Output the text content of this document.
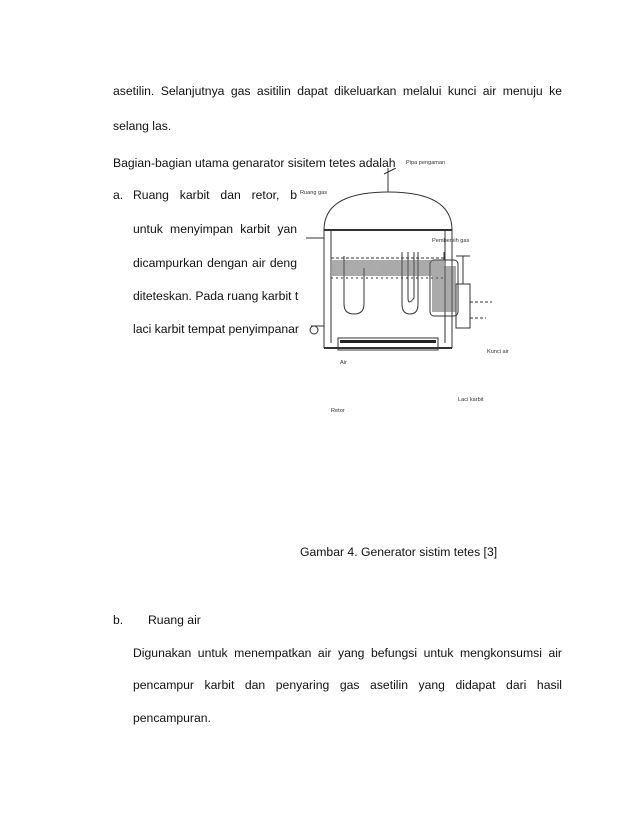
asetilin. Selanjutnya gas asitilin dapat dikeluarkan melalui kunci air menuju ke
selang las.
Bagian-bagian utama genarator sisitem tetes adalah
a. Ruang karbit dan retor, b
untuk menyimpan karbit yan
dicampurkan dengan air deng
diteteskan. Pada ruang karbit t
laci karbit tempat penyimpanar
Pipa pengaman
Ruang gas
Pembersih gas
Kunci air
Air
Laci karbit
Retor
Gambar 4. Generator sistim tetes [3]
b. Ruang air
Digunakan untuk menempatkan air yang befungsi untuk mengkonsumsi air
pencampur karbit dan penyaring gas asetilin yang didapat dari hasil
pencampuran.
